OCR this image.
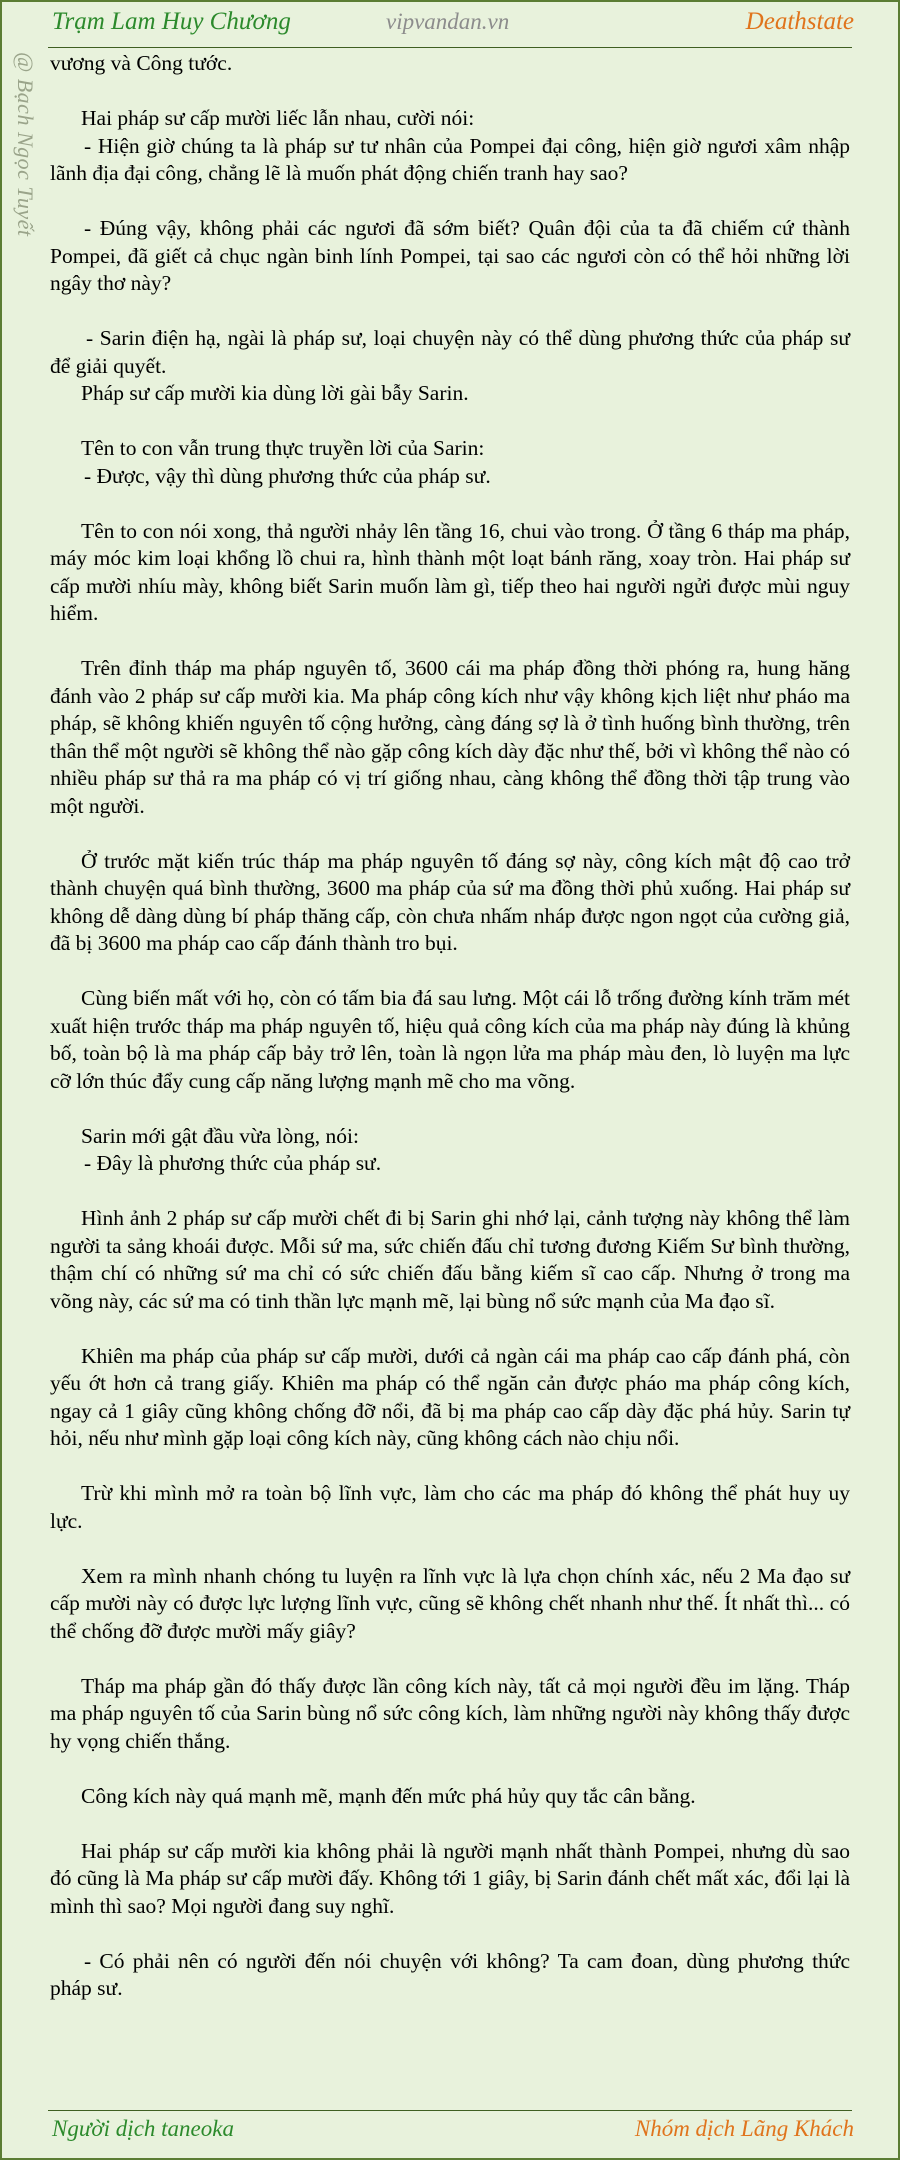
Trạm Lam Huy Chương	vipvandan.vn	Deathstate
@ Bạch Ngọc Tuyết vương và Công tước.

Hai pháp sư cấp mười liếc lẫn nhau, cười nói:

- Hiện giờ chúng ta là pháp sư tư nhân của Pompei đại công, hiện giờ ngươi xâm nhập lãnh địa đại công, chẳng lẽ là muốn phát động chiến tranh hay sao?

- Đúng vậy, không phải các ngươi đã sớm biết? Quân đội của ta đã chiếm cứ thành Pompei, đã giết cả chục ngàn binh lính Pompei, tại sao các ngươi còn có thể hỏi những lời ngây thơ này?

- Sarin điện hạ, ngài là pháp sư, loại chuyện này có thể dùng phương thức của pháp sư để giải quyết.

Pháp sư cấp mười kia dùng lời gài bẫy Sarin.

Tên to con vẫn trung thực truyền lời của Sarin:

- Được, vậy thì dùng phương thức của pháp sư.

Tên to con nói xong, thả người nhảy lên tầng 16, chui vào trong. Ở tầng 6 tháp ma pháp, máy móc kim loại khổng lồ chui ra, hình thành một loạt bánh răng, xoay tròn. Hai pháp sư cấp mười nhíu mày, không biết Sarin muốn làm gì, tiếp theo hai người ngửi được mùi nguy hiểm.

Trên đỉnh tháp ma pháp nguyên tố, 3600 cái ma pháp đồng thời phóng ra, hung hăng đánh vào 2 pháp sư cấp mười kia. Ma pháp công kích như vậy không kịch liệt như pháo ma pháp, sẽ không khiến nguyên tố cộng hưởng, càng đáng sợ là ở tình huống bình thường, trên thân thể một người sẽ không thể nào gặp công kích dày đặc như thế, bởi vì không thể nào có nhiều pháp sư thả ra ma pháp có vị trí giống nhau, càng không thể đồng thời tập trung vào một người.

Ở trước mặt kiến trúc tháp ma pháp nguyên tố đáng sợ này, công kích mật độ cao trở thành chuyện quá bình thường, 3600 ma pháp của sứ ma đồng thời phủ xuống. Hai pháp sư không dễ dàng dùng bí pháp thăng cấp, còn chưa nhấm nháp được ngon ngọt của cường giả, đã bị 3600 ma pháp cao cấp đánh thành tro bụi.

Cùng biến mất với họ, còn có tấm bia đá sau lưng. Một cái lỗ trống đường kính trăm mét xuất hiện trước tháp ma pháp nguyên tố, hiệu quả công kích của ma pháp này đúng là khủng bố, toàn bộ là ma pháp cấp bảy trở lên, toàn là ngọn lửa ma pháp màu đen, lò luyện ma lực cỡ lớn thúc đẩy cung cấp năng lượng mạnh mẽ cho ma võng.

Sarin mới gật đầu vừa lòng, nói:

- Đây là phương thức của pháp sư.

Hình ảnh 2 pháp sư cấp mười chết đi bị Sarin ghi nhớ lại, cảnh tượng này không thể làm người ta sảng khoái được. Mỗi sứ ma, sức chiến đấu chỉ tương đương Kiếm Sư bình thường, thậm chí có những sứ ma chỉ có sức chiến đấu bằng kiếm sĩ cao cấp. Nhưng ở trong ma võng này, các sứ ma có tinh thần lực mạnh mẽ, lại bùng nổ sức mạnh của Ma đạo sĩ.

Khiên ma pháp của pháp sư cấp mười, dưới cả ngàn cái ma pháp cao cấp đánh phá, còn yếu ớt hơn cả trang giấy. Khiên ma pháp có thể ngăn cản được pháo ma pháp công kích, ngay cả 1 giây cũng không chống đỡ nổi, đã bị ma pháp cao cấp dày đặc phá hủy. Sarin tự hỏi, nếu như mình gặp loại công kích này, cũng không cách nào chịu nổi.

Trừ khi mình mở ra toàn bộ lĩnh vực, làm cho các ma pháp đó không thể phát huy uy lực.

Xem ra mình nhanh chóng tu luyện ra lĩnh vực là lựa chọn chính xác, nếu 2 Ma đạo sư cấp mười này có được lực lượng lĩnh vực, cũng sẽ không chết nhanh như thế. Ít nhất thì... có thể chống đỡ được mười mấy giây?

Tháp ma pháp gần đó thấy được lần công kích này, tất cả mọi người đều im lặng. Tháp ma pháp nguyên tố của Sarin bùng nổ sức công kích, làm những người này không thấy được hy vọng chiến thắng.

Công kích này quá mạnh mẽ, mạnh đến mức phá hủy quy tắc cân bằng.

Hai pháp sư cấp mười kia không phải là người mạnh nhất thành Pompei, nhưng dù sao đó cũng là Ma pháp sư cấp mười đấy. Không tới 1 giây, bị Sarin đánh chết mất xác, đổi lại là mình thì sao? Mọi người đang suy nghĩ.

- Có phải nên có người đến nói chuyện với không? Ta cam đoan, dùng phương thức pháp sư.

Người dịch taneoka	Nhóm dịch Lãng Khách
